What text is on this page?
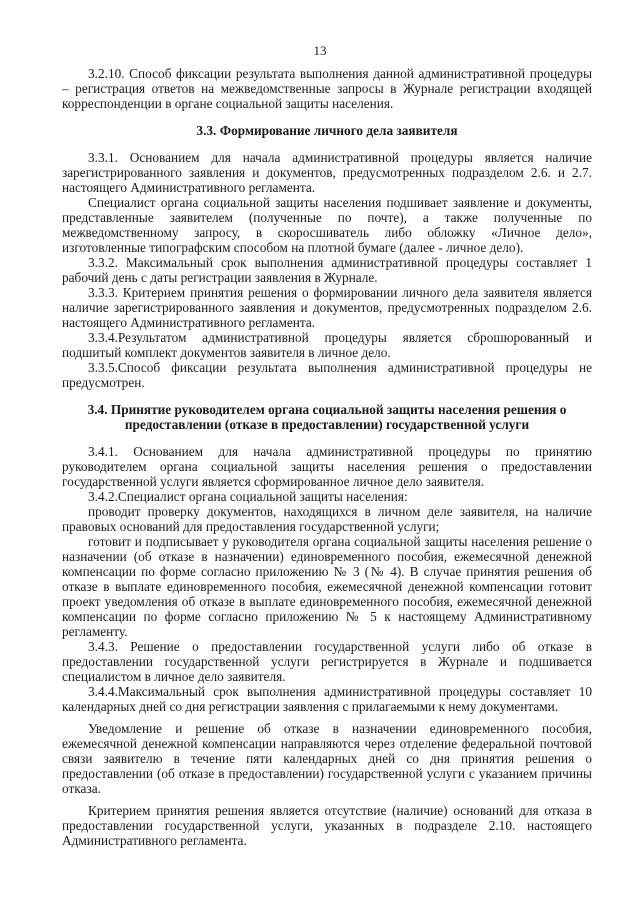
13

3.2.10. Способ фиксации результата выполнения данной административной процедуры – регистрация ответов на межведомственные запросы в Журнале регистрации входящей корреспонденции в органе социальной защиты населения.

3.3. Формирование личного дела заявителя

3.3.1. Основанием для начала административной процедуры является наличие зарегистрированного заявления и документов, предусмотренных подразделом 2.6. и 2.7. настоящего Административного регламента.

Специалист органа социальной защиты населения подшивает заявление и документы, представленные заявителем (полученные по почте), а также полученные по межведомственному запросу, в скоросшиватель либо обложку «Личное дело», изготовленные типографским способом на плотной бумаге (далее - личное дело).

3.3.2. Максимальный срок выполнения административной процедуры составляет 1 рабочий день с даты регистрации заявления в Журнале.

3.3.3. Критерием принятия решения о формировании личного дела заявителя является наличие зарегистрированного заявления и документов, предусмотренных подразделом 2.6. настоящего Административного регламента.

3.3.4.Результатом административной процедуры является сброшюрованный и подшитый комплект документов заявителя в личное дело.

3.3.5.Способ фиксации результата выполнения административной процедуры не предусмотрен.

3.4. Принятие руководителем органа социальной защиты населения решения о предоставлении (отказе в предоставлении) государственной услуги

3.4.1. Основанием для начала административной процедуры по принятию руководителем органа социальной защиты населения решения о предоставлении государственной услуги является сформированное личное дело заявителя.

3.4.2.Специалист органа социальной защиты населения:

проводит проверку документов, находящихся в личном деле заявителя, на наличие правовых оснований для предоставления государственной услуги;

готовит и подписывает у руководителя органа социальной защиты населения решение о назначении (об отказе в назначении) единовременного пособия, ежемесячной денежной компенсации по форме согласно приложению № 3 (№ 4). В случае принятия решения об отказе в выплате единовременного пособия, ежемесячной денежной компенсации готовит проект уведомления об отказе в выплате единовременного пособия, ежемесячной денежной компенсации по форме согласно приложению № 5 к настоящему Административному регламенту.

3.4.3. Решение о предоставлении государственной услуги либо об отказе в предоставлении государственной услуги регистрируется в Журнале и подшивается специалистом в личное дело заявителя.

3.4.4.Максимальный срок выполнения административной процедуры составляет 10 календарных дней со дня регистрации заявления с прилагаемыми к нему документами.

Уведомление и решение об отказе в назначении единовременного пособия, ежемесячной денежной компенсации направляются через отделение федеральной почтовой связи заявителю в течение пяти календарных дней со дня принятия решения о предоставлении (об отказе в предоставлении) государственной услуги с указанием причины отказа.

Критерием принятия решения является отсутствие (наличие) оснований для отказа в предоставлении государственной услуги, указанных в подразделе 2.10. настоящего Административного регламента.
